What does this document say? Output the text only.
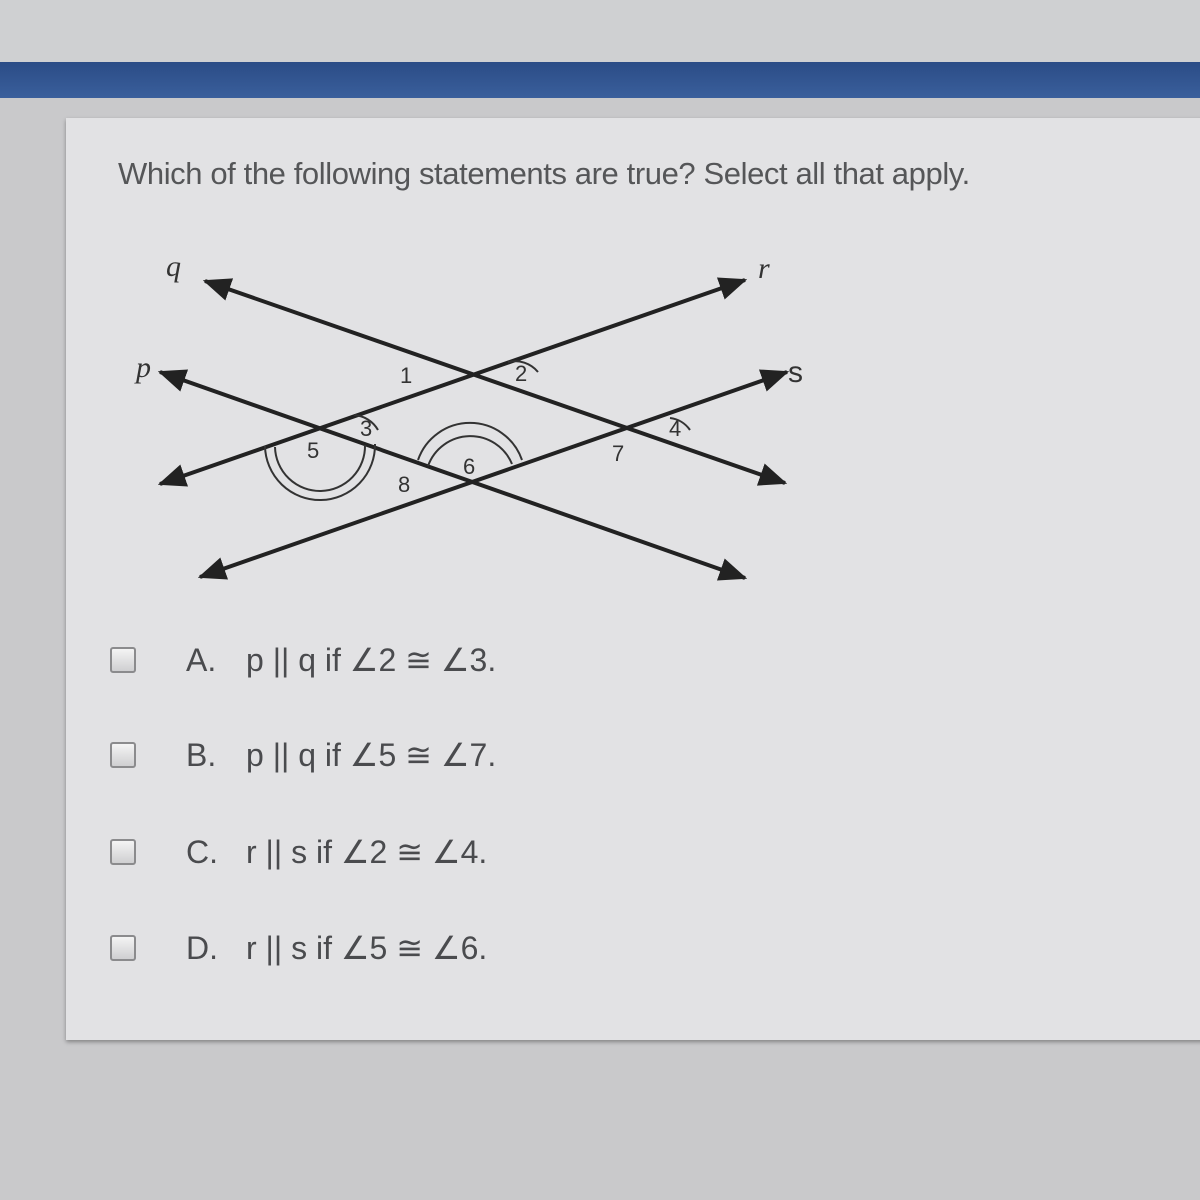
Which of the following statements are true? Select all that apply.
q	r
p	s
1	2
3	4
5
6
7
8
A. p || q if ∠2 ≅ ∠3.
B. p || q if ∠5 ≅ ∠7.
C. r || s if ∠2 ≅ ∠4.
D. r || s if ∠5 ≅ ∠6.
